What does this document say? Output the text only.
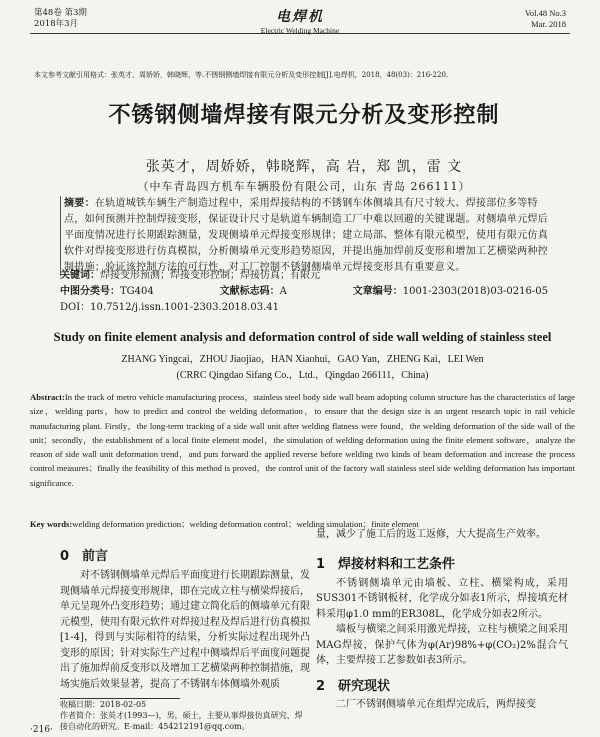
第48卷 第3期
2018年3月	电焊机
Electric Welding Machine
Vol.48 No.3
Mar. 2018
本文参考文献引用格式：张英才，周娇娇，韩晓辉，等.不锈钢侧墙焊接有限元分析及变形控制[J].电焊机，2018，48(03)：216-220.
不锈钢侧墙焊接有限元分析及变形控制
张英才，周娇娇，韩晓辉，高 岩，郑 凯，雷 文
（中车青岛四方机车车辆股份有限公司，山东 青岛 266111）
摘要：在轨道城铁车辆生产制造过程中，采用焊接结构的不锈钢车体侧墙具有尺寸较大、焊接部位多等特点，如何预测并控制焊接变形，保证设计尺寸是轨道车辆制造工厂中难以回避的关键课题。对侧墙单元焊后平面度情况进行长期跟踪测量，发现侧墙单元焊接变形规律；建立局部、整体有限元模型，使用有限元仿真软件对焊接变形进行仿真模拟，分析侧墙单元变形趋势原因，并提出施加焊前反变形和增加工艺横梁两种控制措施；验证该控制方法的可行性，对工厂控制不锈钢侧墙单元焊接变形具有重要意义。
关键词：焊接变形预测；焊接变形控制；焊接仿真；有限元
中图分类号：TG404	文献标志码：A	文章编号：1001-2303(2018)03-0216-05
DOI：10.7512/j.issn.1001-2303.2018.03.41
Study on finite element analysis and deformation control of side wall welding of stainless steel
ZHANG Yingcai，ZHOU Jiaojiao，HAN Xiaohui，GAO Yan，ZHENG Kai，LEI Wen
(CRRC Qingdao Sifang Co.，Ltd.，Qingdao 266111，China)
Abstract:In the track of metro vehicle manufacturing process，stainless steel body side wall beam adopting column structure has the characteristics of large size，welding parts，how to predict and control the welding deformation，to ensure that the design size is an urgent research topic in rail vehicle manufacturing plant. Firstly，the long-term tracking of a side wall unit after welding flatness were found，the welding deformation of the side wall of the unit；secondly，the establishment of a local finite element model，the simulation of welding deformation using the finite element software，analyze the reason of side wall unit deformation trend，and puts forward the applied reverse before welding two kinds of beam deformation and increase the process control measures；finally the feasibility of this method is proved，the control unit of the factory wall stainless steel side welding deformation has important significance.
Key words:welding deformation prediction；welding deformation control；welding simulation；finite element
0　前言

对不锈钢侧墙单元焊后平面度进行长期跟踪测量，发现侧墙单元焊接变形规律，即在完成立柱与横梁焊接后，单元呈现外凸变形趋势；通过建立简化后的侧墙单元有限元模型，使用有限元软件对焊接过程及焊后进行仿真模拟[1-4]，得到与实际相符的结果，分析实际过程出现外凸变形的原因；针对实际生产过程中侧墙焊后平面度问题提出了施加焊前反变形以及增加工艺横梁两种控制措施，现场实施后效果显著，提高了不锈钢车体侧墙外观质

收稿日期：2018-02-05
作者简介：张英才(1993—)，男，硕士，主要从事焊接仿真研究、焊接自动化的研究。E-mail：454212191@qq.com。

量，减少了施工后的返工返修，大大提高生产效率。

1　焊接材料和工艺条件

不锈钢侧墙单元由墙板、立柱、横梁构成，采用SUS301不锈钢板材，化学成分如表1所示，焊接填充材料采用φ1.0 mm的ER308L，化学成分如表2所示。

墙板与横梁之间采用激光焊接，立柱与横梁之间采用MAG焊接，保护气体为φ(Ar)98%+φ(CO₂)2%混合气体，主要焊接工艺参数如表3所示。

2　研究现状

二厂不锈钢侧墙单元在组焊完成后，两焊接变

·216·
